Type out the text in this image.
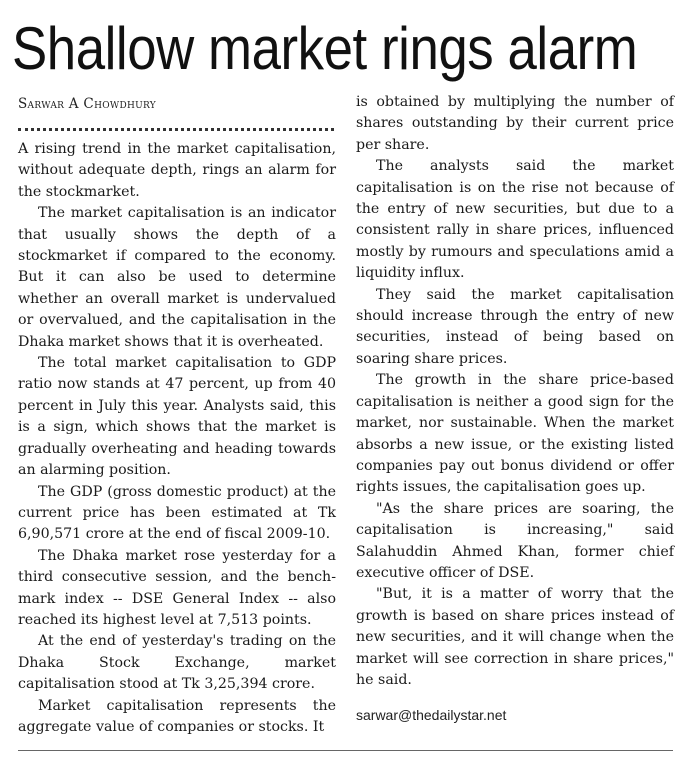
Shallow market rings alarm
Sarwar A Chowdhury

A rising trend in the market capitalisation, without adequate depth, rings an alarm for the stockmarket.

The market capitalisation is an indicator that usually shows the depth of a stockmarket if compared to the economy. But it can also be used to determine whether an overall market is undervalued or overvalued, and the capitalisation in the Dhaka market shows that it is overheated.

The total market capitalisation to GDP ratio now stands at 47 percent, up from 40 percent in July this year. Analysts said, this is a sign, which shows that the market is gradually overheating and heading towards an alarming position.

The GDP (gross domestic product) at the current price has been estimated at Tk 6,90,571 crore at the end of fiscal 2009-10.

The Dhaka market rose yesterday for a third consecutive session, and the benchmark index -- DSE General Index -- also reached its highest level at 7,513 points.

At the end of yesterday's trading on the Dhaka Stock Exchange, market capitalisation stood at Tk 3,25,394 crore.

Market capitalisation represents the aggregate value of companies or stocks. It

is obtained by multiplying the number of shares outstanding by their current price per share.

The analysts said the market capitalisation is on the rise not because of the entry of new securities, but due to a consistent rally in share prices, influenced mostly by rumours and speculations amid a liquidity influx.

They said the market capitalisation should increase through the entry of new securities, instead of being based on soaring share prices.

The growth in the share price-based capitalisation is neither a good sign for the market, nor sustainable. When the market absorbs a new issue, or the existing listed companies pay out bonus dividend or offer rights issues, the capitalisation goes up.

"As the share prices are soaring, the capitalisation is increasing," said Salahuddin Ahmed Khan, former chief executive officer of DSE.

"But, it is a matter of worry that the growth is based on share prices instead of new securities, and it will change when the market will see correction in share prices," he said.

sarwar@thedailystar.net
